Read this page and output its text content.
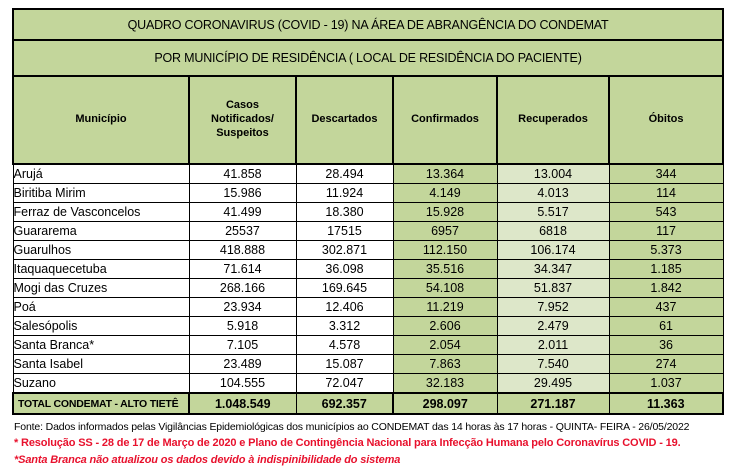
QUADRO CORONAVIRUS (COVID - 19) NA ÁREA DE ABRANGÊNCIA DO CONDEMAT					
POR MUNICÍPIO DE RESIDÊNCIA ( LOCAL DE RESIDÊNCIA DO PACIENTE)					
Município	Casos Notificados/ Suspeitos	Descartados	Confirmados	Recuperados	Óbitos
Arujá	41.858	28.494	13.364	13.004	344
Biritiba Mirim	15.986	11.924	4.149	4.013	114
Ferraz de Vasconcelos	41.499	18.380	15.928	5.517	543
Guararema	25537	17515	6957	6818	117
Guarulhos	418.888	302.871	112.150	106.174	5.373
Itaquaquecetuba	71.614	36.098	35.516	34.347	1.185
Mogi das Cruzes	268.166	169.645	54.108	51.837	1.842
Poá	23.934	12.406	11.219	7.952	437
Salesópolis	5.918	3.312	2.606	2.479	61
Santa Branca*	7.105	4.578	2.054	2.011	36
Santa Isabel	23.489	15.087	7.863	7.540	274
Suzano	104.555	72.047	32.183	29.495	1.037
TOTAL CONDEMAT - ALTO TIETÊ	1.048.549	692.357	298.097	271.187	11.363
Fonte: Dados informados pelas Vigilâncias Epidemiológicas dos municípios ao CONDEMAT das 14 horas às 17 horas - QUINTA- FEIRA - 26/05/2022
* Resolução SS - 28 de 17 de Março de 2020 e Plano de Contingência Nacional para Infecção Humana pelo Coronavírus COVID - 19.
*Santa Branca não atualizou os dados devido à indispinibilidade do sistema
